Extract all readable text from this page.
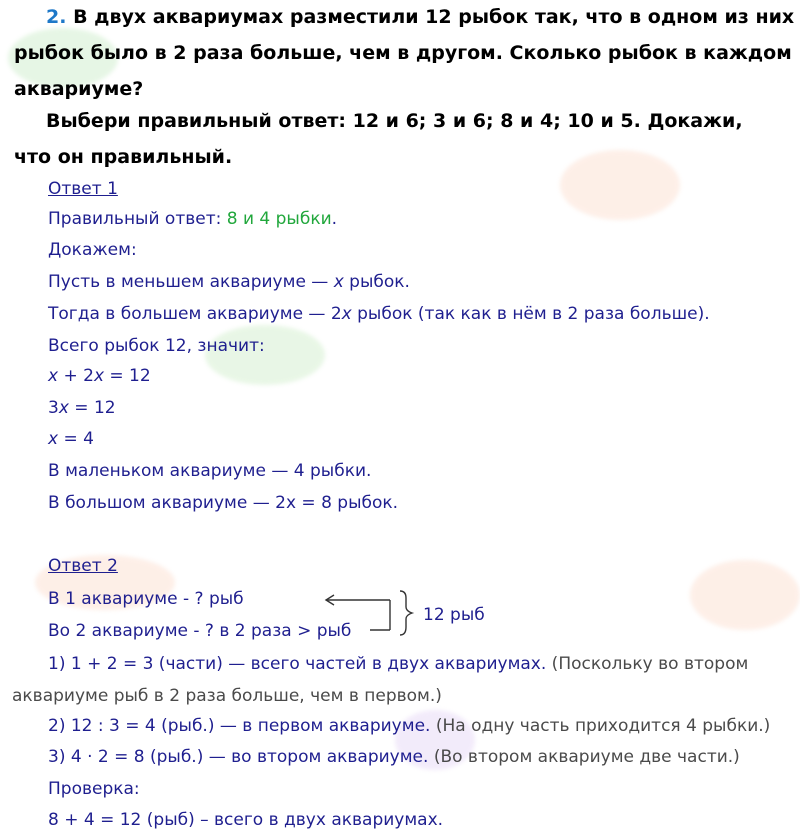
2. В двух аквариумах разместили 12 рыбок так, что в одном из них
рыбок было в 2 раза больше, чем в другом. Сколько рыбок в каждом
аквариуме?
Выбери правильный ответ: 12 и 6; 3 и 6; 8 и 4; 10 и 5. Докажи,
что он правильный.
Ответ 1
Правильный ответ: 8 и 4 рыбки.
Докажем:
Пусть в меньшем аквариуме — x рыбок.
Тогда в большем аквариуме — 2x рыбок (так как в нём в 2 раза больше).
Всего рыбок 12, значит:
x + 2x = 12
3x = 12
x = 4
В маленьком аквариуме — 4 рыбки.
В большом аквариуме — 2x = 8 рыбок.
Ответ 2
В 1 аквариуме - ? рыб
Во 2 аквариуме - ? в 2 раза > рыб
12 рыб
1) 1 + 2 = 3 (части) — всего частей в двух аквариумах. (Поскольку во втором
аквариуме рыб в 2 раза больше, чем в первом.)
2) 12 : 3 = 4 (рыб.) — в первом аквариуме. (На одну часть приходится 4 рыбки.)
3) 4 · 2 = 8 (рыб.) — во втором аквариуме. (Во втором аквариуме две части.)
Проверка:
8 + 4 = 12 (рыб) – всего в двух аквариумах.
